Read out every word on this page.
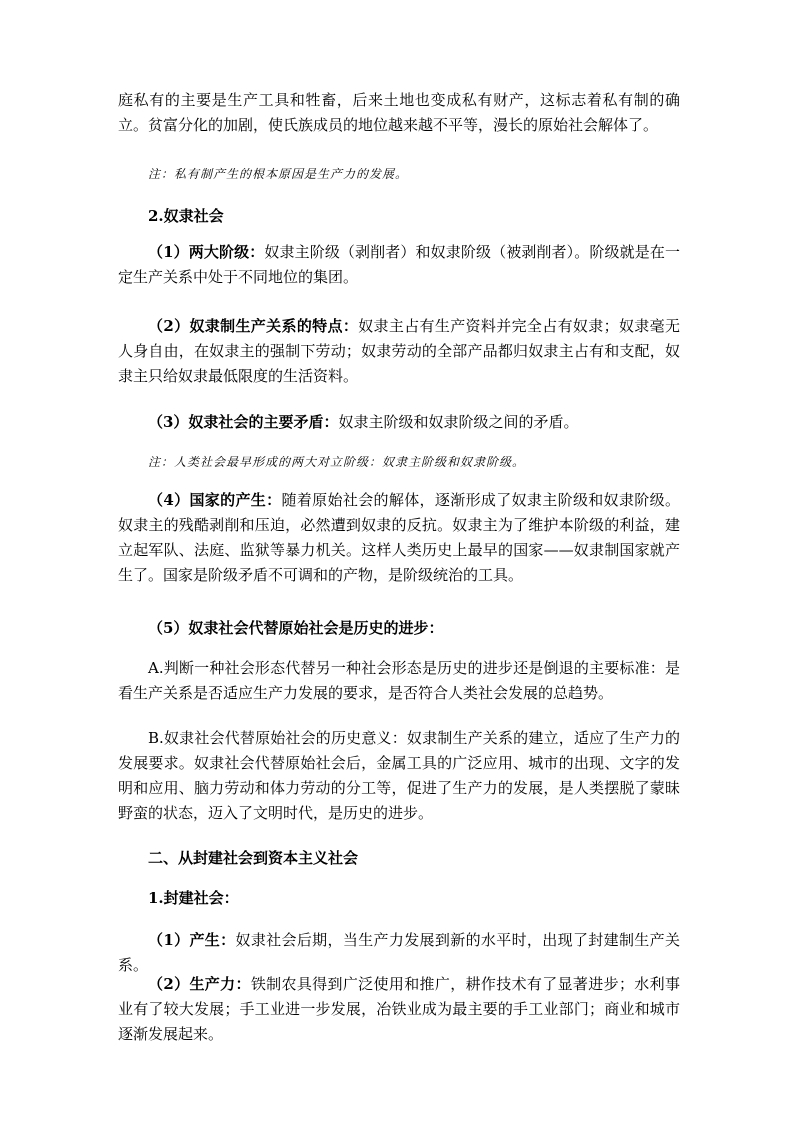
庭私有的主要是生产工具和牲畜，后来土地也变成私有财产，这标志着私有制的确立。贫富分化的加剧，使氏族成员的地位越来越不平等，漫长的原始社会解体了。

注：私有制产生的根本原因是生产力的发展。

2.奴隶社会

（1）两大阶级：奴隶主阶级（剥削者）和奴隶阶级（被剥削者）。阶级就是在一定生产关系中处于不同地位的集团。

（2）奴隶制生产关系的特点：奴隶主占有生产资料并完全占有奴隶；奴隶毫无人身自由，在奴隶主的强制下劳动；奴隶劳动的全部产品都归奴隶主占有和支配，奴隶主只给奴隶最低限度的生活资料。

（3）奴隶社会的主要矛盾：奴隶主阶级和奴隶阶级之间的矛盾。

注：人类社会最早形成的两大对立阶级：奴隶主阶级和奴隶阶级。

（4）国家的产生：随着原始社会的解体，逐渐形成了奴隶主阶级和奴隶阶级。奴隶主的残酷剥削和压迫，必然遭到奴隶的反抗。奴隶主为了维护本阶级的利益，建立起军队、法庭、监狱等暴力机关。这样人类历史上最早的国家——奴隶制国家就产生了。国家是阶级矛盾不可调和的产物，是阶级统治的工具。

（5）奴隶社会代替原始社会是历史的进步：

A.判断一种社会形态代替另一种社会形态是历史的进步还是倒退的主要标准：是看生产关系是否适应生产力发展的要求，是否符合人类社会发展的总趋势。

B.奴隶社会代替原始社会的历史意义：奴隶制生产关系的建立，适应了生产力的发展要求。奴隶社会代替原始社会后，金属工具的广泛应用、城市的出现、文字的发明和应用、脑力劳动和体力劳动的分工等，促进了生产力的发展，是人类摆脱了蒙昧野蛮的状态，迈入了文明时代，是历史的进步。

二、从封建社会到资本主义社会

1.封建社会：

（1）产生：奴隶社会后期，当生产力发展到新的水平时，出现了封建制生产关系。

（2）生产力：铁制农具得到广泛使用和推广，耕作技术有了显著进步；水利事业有了较大发展；手工业进一步发展，冶铁业成为最主要的手工业部门；商业和城市逐渐发展起来。
